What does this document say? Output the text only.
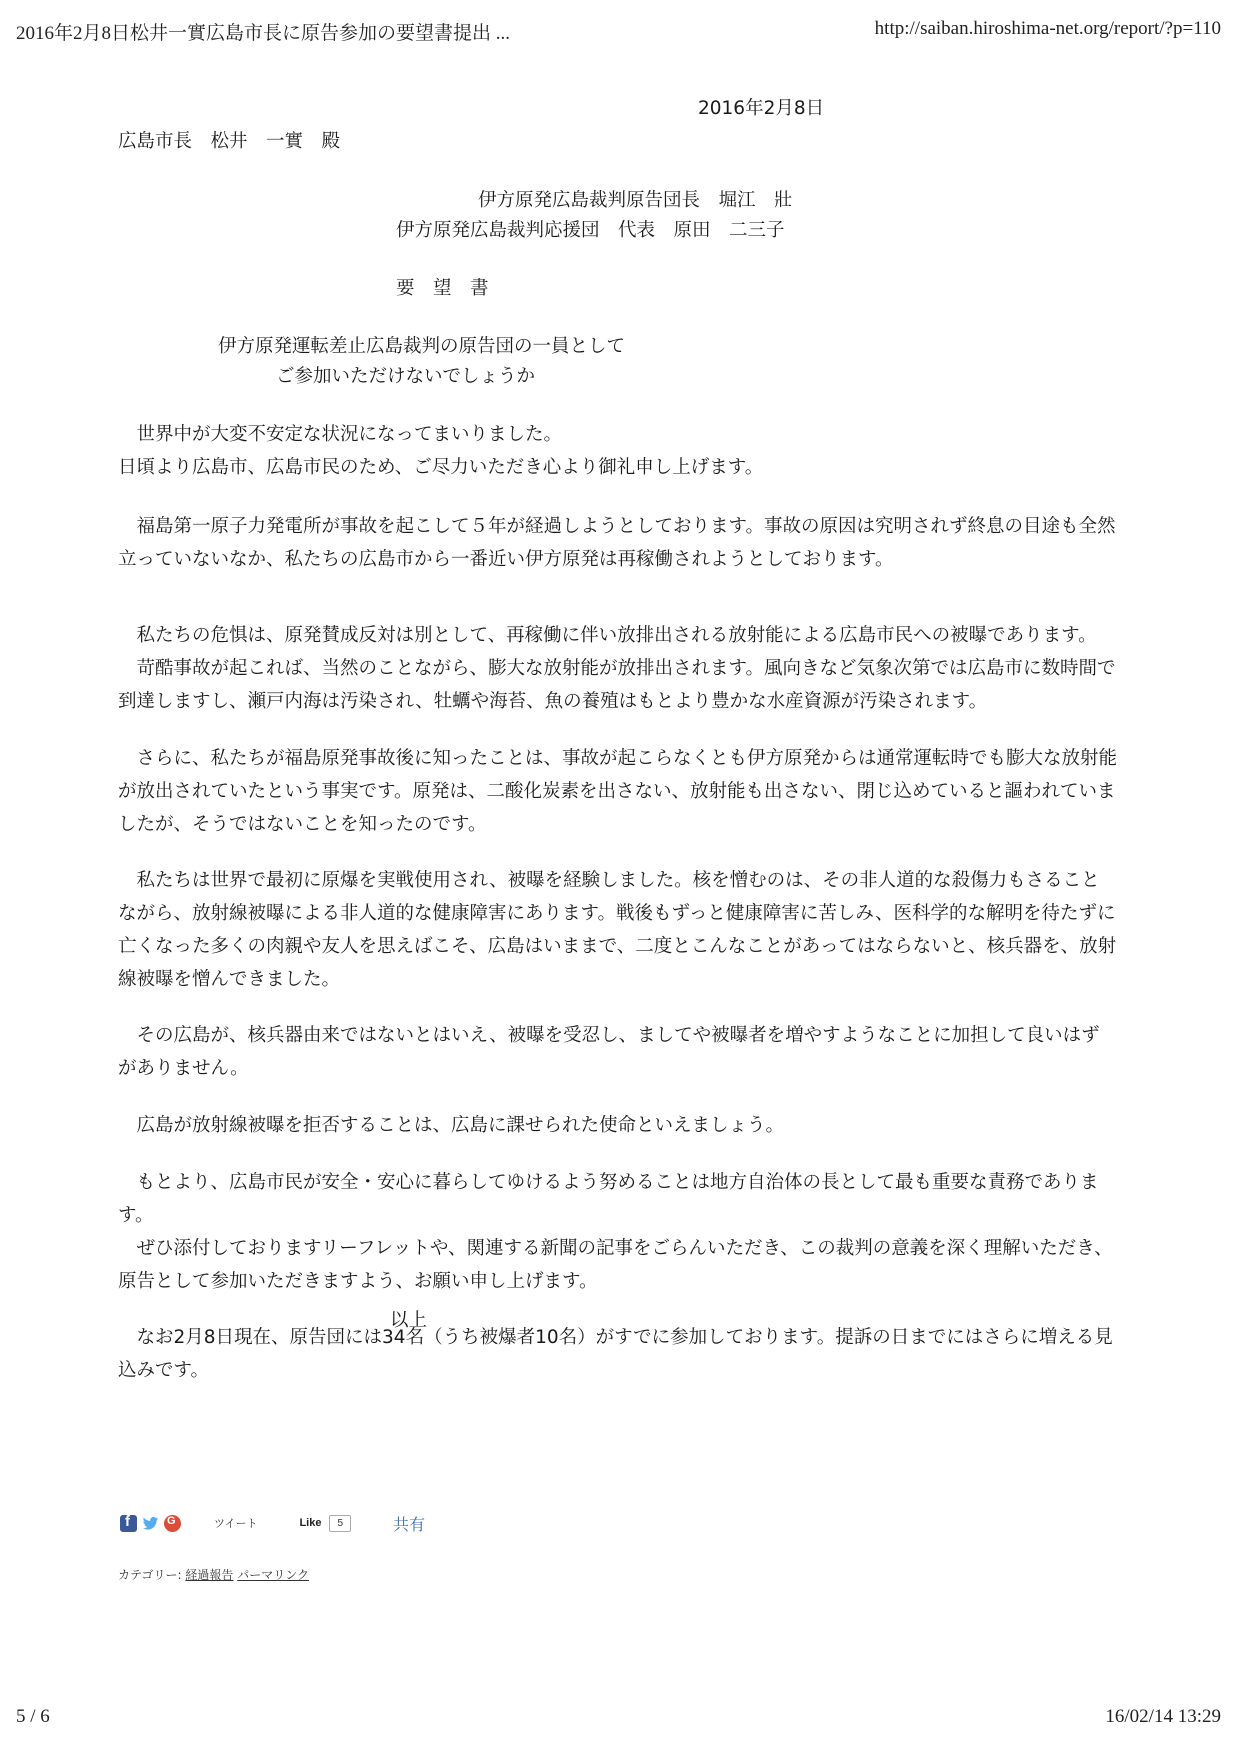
2016年2月8日松井一實広島市長に原告参加の要望書提出 ...	http://saiban.hiroshima-net.org/report/?p=110
2016年2月8日
広島市長　松井　一實　殿
伊方原発広島裁判原告団長　堀江　壯
伊方原発広島裁判応援団　代表　原田　二三子
要　望　書
伊方原発運転差止広島裁判の原告団の一員として
ご参加いただけないでしょうか

世界中が大変不安定な状況になってまいりました。

日頃より広島市、広島市民のため、ご尽力いただき心より御礼申し上げます。

福島第一原子力発電所が事故を起こして５年が経過しようとしております。事故の原因は究明されず終息の目途も全然立っていないなか、私たちの広島市から一番近い伊方原発は再稼働されようとしております。

私たちの危惧は、原発賛成反対は別として、再稼働に伴い放排出される放射能による広島市民への被曝であります。

苛酷事故が起これば、当然のことながら、膨大な放射能が放排出されます。風向きなど気象次第では広島市に数時間で到達しますし、瀬戸内海は汚染され、牡蠣や海苔、魚の養殖はもとより豊かな水産資源が汚染されます。

さらに、私たちが福島原発事故後に知ったことは、事故が起こらなくとも伊方原発からは通常運転時でも膨大な放射能が放出されていたという事実です。原発は、二酸化炭素を出さない、放射能も出さない、閉じ込めていると謳われていましたが、そうではないことを知ったのです。

私たちは世界で最初に原爆を実戦使用され、被曝を経験しました。核を憎むのは、その非人道的な殺傷力もさることながら、放射線被曝による非人道的な健康障害にあります。戦後もずっと健康障害に苦しみ、医科学的な解明を待たずに亡くなった多くの肉親や友人を思えばこそ、広島はいままで、二度とこんなことがあってはならないと、核兵器を、放射線被曝を憎んできました。

その広島が、核兵器由来ではないとはいえ、被曝を受忍し、ましてや被曝者を増やすようなことに加担して良いはずがありません。

広島が放射線被曝を拒否することは、広島に課せられた使命といえましょう。

もとより、広島市民が安全・安心に暮らしてゆけるよう努めることは地方自治体の長として最も重要な責務であります。

ぜひ添付しておりますリーフレットや、関連する新聞の記事をごらんいただき、この裁判の意義を深く理解いただき、原告として参加いただきますよう、お願い申し上げます。

なお2月8日現在、原告団には34名（うち被爆者10名）がすでに参加しております。提訴の日までにはさらに増える見込みです。

以上
f
G
ツイート	Like	5	共有
カテゴリー: 経過報告 パーマリンク
5 / 6	16/02/14 13:29
